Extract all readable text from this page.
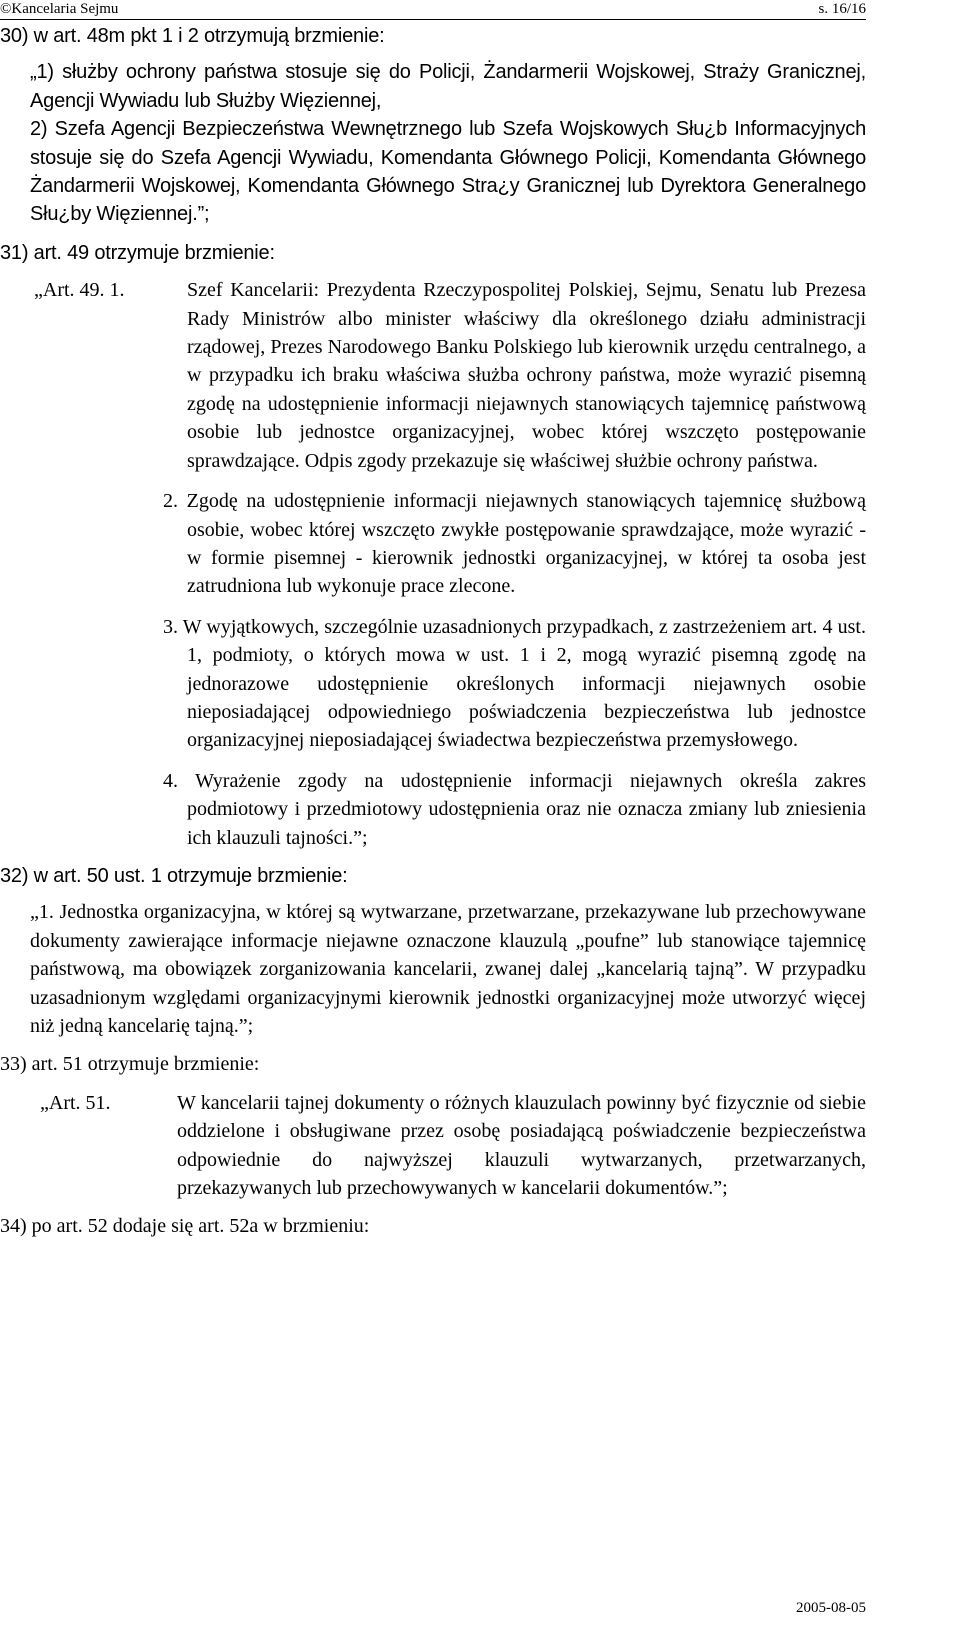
©Kancelaria Sejmu	s. 16/16

30) w art. 48m pkt 1 i 2 otrzymują brzmienie:

„1) służby ochrony państwa stosuje się do Policji, Żandarmerii Wojskowej, Straży Granicznej, Agencji Wywiadu lub Służby Więziennej,

2) Szefa Agencji Bezpieczeństwa Wewnętrznego lub Szefa Wojskowych Słu¿b Informacyjnych stosuje się do Szefa Agencji Wywiadu, Komendanta Głównego Policji, Komendanta Głównego Żandarmerii Wojskowej, Komendanta Głównego Stra¿y Granicznej lub Dyrektora Generalnego Słu¿by Więziennej.”;

31) art. 49 otrzymuje brzmienie:

„Art. 49. 1.	Szef Kancelarii: Prezydenta Rzeczypospolitej Polskiej, Sejmu, Senatu lub Prezesa Rady Ministrów albo minister właściwy dla określonego działu administracji rządowej, Prezes Narodowego Banku Polskiego lub kierownik urzędu centralnego, a w przypadku ich braku właściwa służba ochrony państwa, może wyrazić pisemną zgodę na udostępnienie informacji niejawnych stanowiących tajemnicę państwową osobie lub jednostce organizacyjnej, wobec której wszczęto postępowanie sprawdzające. Odpis zgody przekazuje się właściwej służbie ochrony państwa.

2. Zgodę na udostępnienie informacji niejawnych stanowiących tajemnicę służbową osobie, wobec której wszczęto zwykłe postępowanie sprawdzające, może wyrazić - w formie pisemnej - kierownik jednostki organizacyjnej, w której ta osoba jest zatrudniona lub wykonuje prace zlecone.

3. W wyjątkowych, szczególnie uzasadnionych przypadkach, z zastrzeżeniem art. 4 ust. 1, podmioty, o których mowa w ust. 1 i 2, mogą wyrazić pisemną zgodę na jednorazowe udostępnienie określonych informacji niejawnych osobie nieposiadającej odpowiedniego poświadczenia bezpieczeństwa lub jednostce organizacyjnej nieposiadającej świadectwa bezpieczeństwa przemysłowego.

4. Wyrażenie zgody na udostępnienie informacji niejawnych określa zakres podmiotowy i przedmiotowy udostępnienia oraz nie oznacza zmiany lub zniesienia ich klauzuli tajności.”;

32) w art. 50 ust. 1 otrzymuje brzmienie:

„1. Jednostka organizacyjna, w której są wytwarzane, przetwarzane, przekazywane lub przechowywane dokumenty zawierające informacje niejawne oznaczone klauzulą „poufne” lub stanowiące tajemnicę państwową, ma obowiązek zorganizowania kancelarii, zwanej dalej „kancelarią tajną”. W przypadku uzasadnionym względami organizacyjnymi kierownik jednostki organizacyjnej może utworzyć więcej niż jedną kancelarię tajną.”;

33) art. 51 otrzymuje brzmienie:

„Art. 51.	W kancelarii tajnej dokumenty o różnych klauzulach powinny być fizycznie od siebie oddzielone i obsługiwane przez osobę posiadającą poświadczenie bezpieczeństwa odpowiednie do najwyższej klauzuli wytwarzanych, przetwarzanych, przekazywanych lub przechowywanych w kancelarii dokumentów.”;

34) po art. 52 dodaje się art. 52a w brzmieniu:

2005-08-05
